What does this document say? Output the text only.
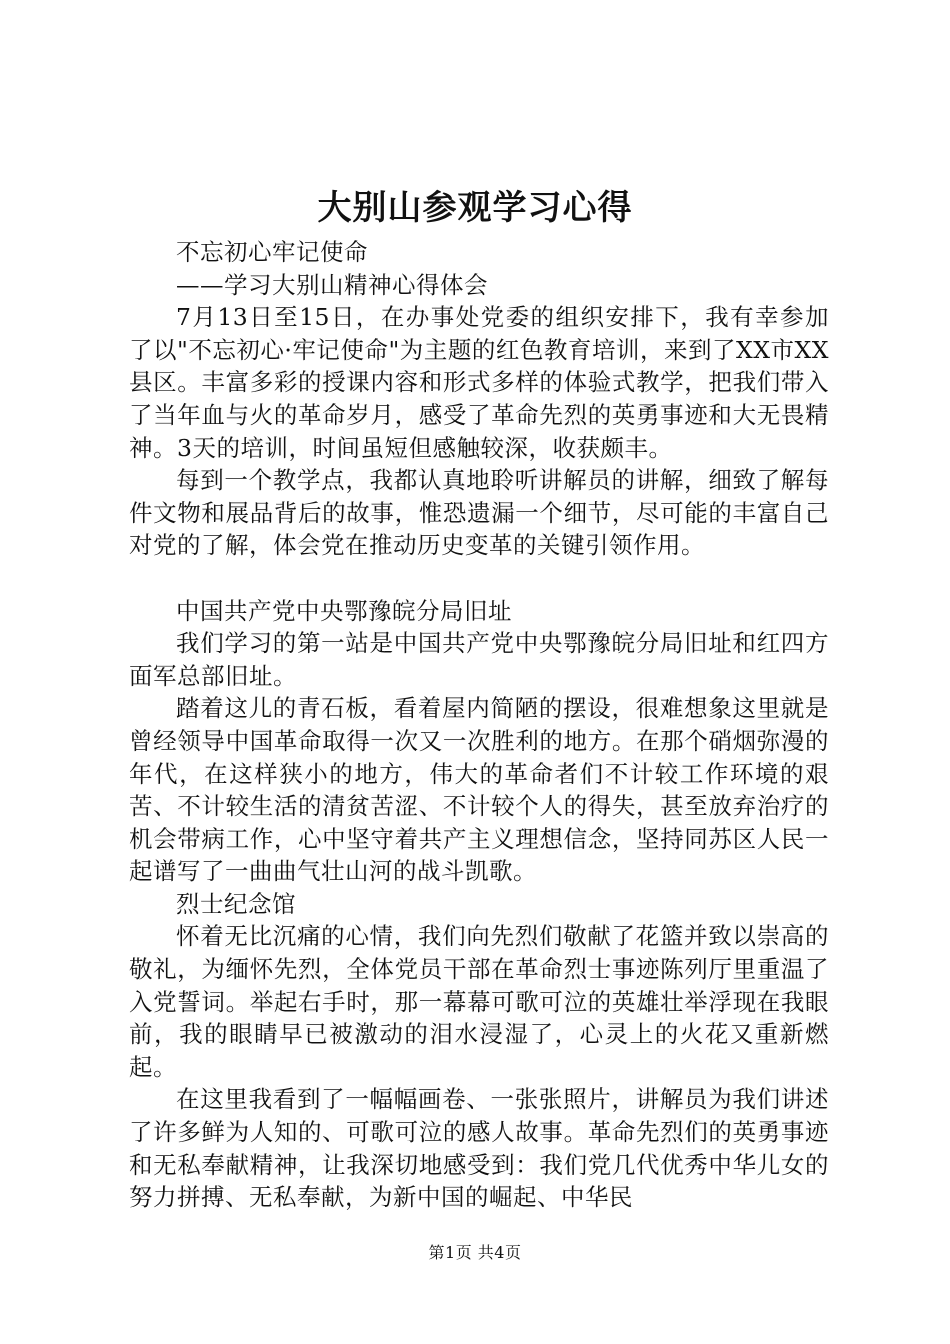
大别山参观学习心得

不忘初心牢记使命

——学习大别山精神心得体会

7月13日至15日，在办事处党委的组织安排下，我有幸参加了以"不忘初心·牢记使命"为主题的红色教育培训，来到了XX市XX县区。丰富多彩的授课内容和形式多样的体验式教学，把我们带入了当年血与火的革命岁月，感受了革命先烈的英勇事迹和大无畏精神。3天的培训，时间虽短但感触较深，收获颇丰。

每到一个教学点，我都认真地聆听讲解员的讲解，细致了解每件文物和展品背后的故事，惟恐遗漏一个细节，尽可能的丰富自己对党的了解，体会党在推动历史变革的关键引领作用。

中国共产党中央鄂豫皖分局旧址

我们学习的第一站是中国共产党中央鄂豫皖分局旧址和红四方面军总部旧址。

踏着这儿的青石板，看着屋内简陋的摆设，很难想象这里就是曾经领导中国革命取得一次又一次胜利的地方。在那个硝烟弥漫的年代，在这样狭小的地方，伟大的革命者们不计较工作环境的艰苦、不计较生活的清贫苦涩、不计较个人的得失，甚至放弃治疗的机会带病工作，心中坚守着共产主义理想信念，坚持同苏区人民一起谱写了一曲曲气壮山河的战斗凯歌。

烈士纪念馆

怀着无比沉痛的心情，我们向先烈们敬献了花篮并致以崇高的敬礼，为缅怀先烈，全体党员干部在革命烈士事迹陈列厅里重温了入党誓词。举起右手时，那一幕幕可歌可泣的英雄壮举浮现在我眼前，我的眼睛早已被激动的泪水浸湿了，心灵上的火花又重新燃起。

在这里我看到了一幅幅画卷、一张张照片，讲解员为我们讲述了许多鲜为人知的、可歌可泣的感人故事。革命先烈们的英勇事迹和无私奉献精神，让我深切地感受到：我们党几代优秀中华儿女的努力拼搏、无私奉献，为新中国的崛起、中华民

第1页 共4页
